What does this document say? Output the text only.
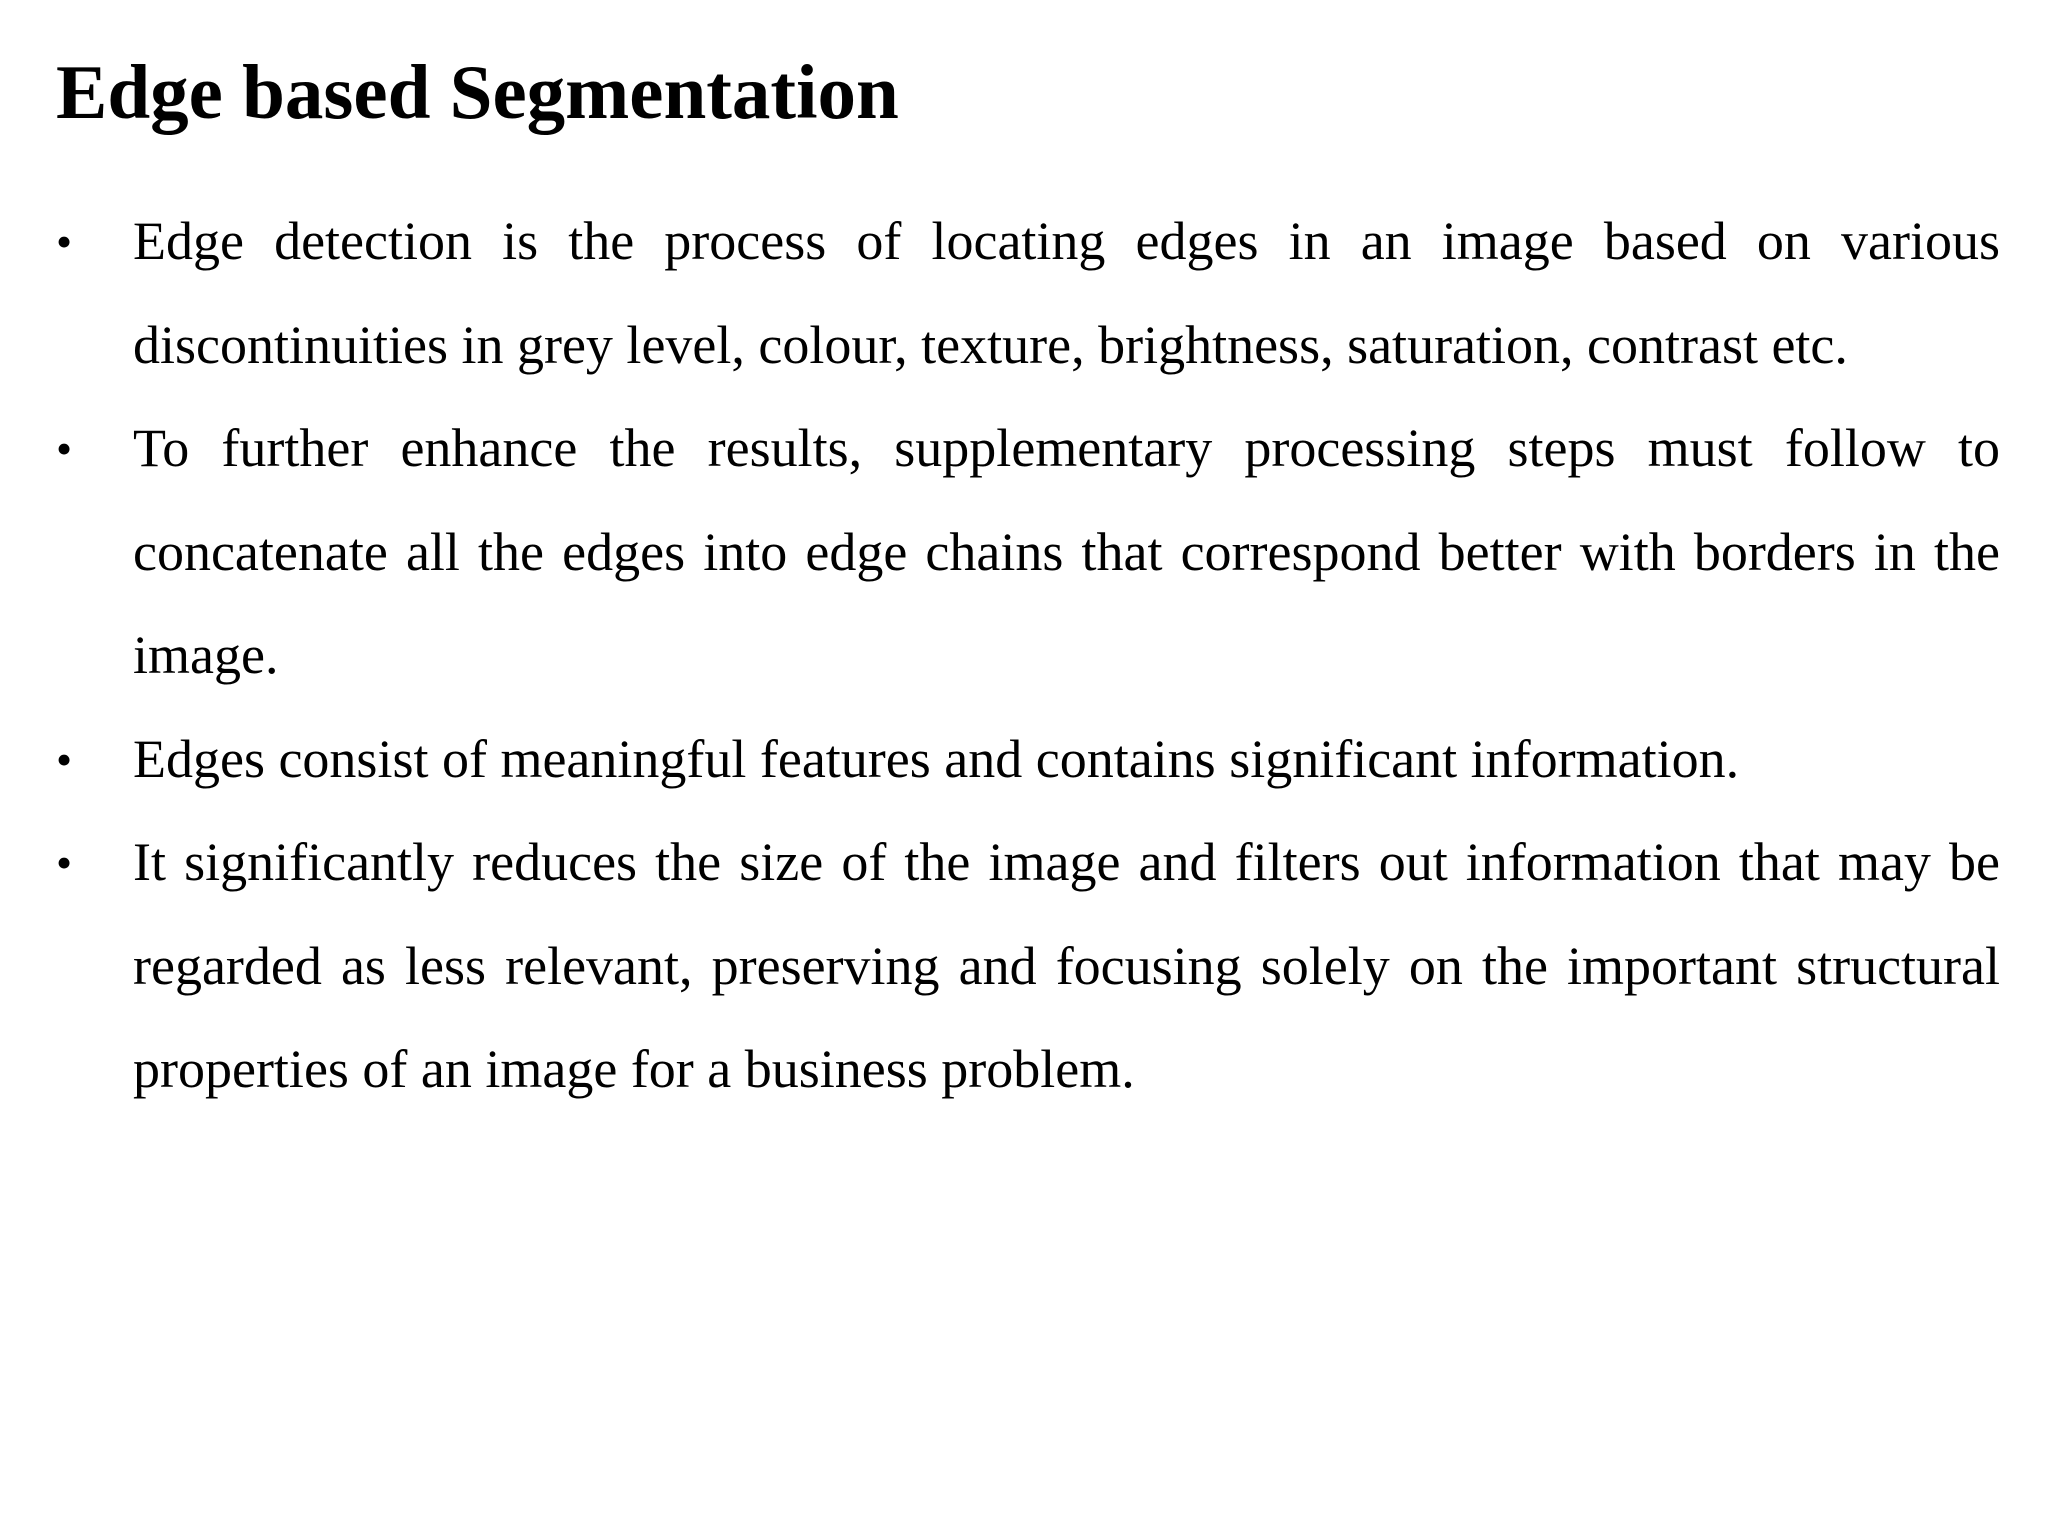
Edge based Segmentation
• Edge detection is the process of locating edges in an image based on various discontinuities in grey level, colour, texture, brightness, saturation, contrast etc.
• To further enhance the results, supplementary processing steps must follow to concatenate all the edges into edge chains that correspond better with borders in the image.
• Edges consist of meaningful features and contains significant information.
• It significantly reduces the size of the image and filters out information that may be regarded as less relevant, preserving and focusing solely on the important structural properties of an image for a business problem.
